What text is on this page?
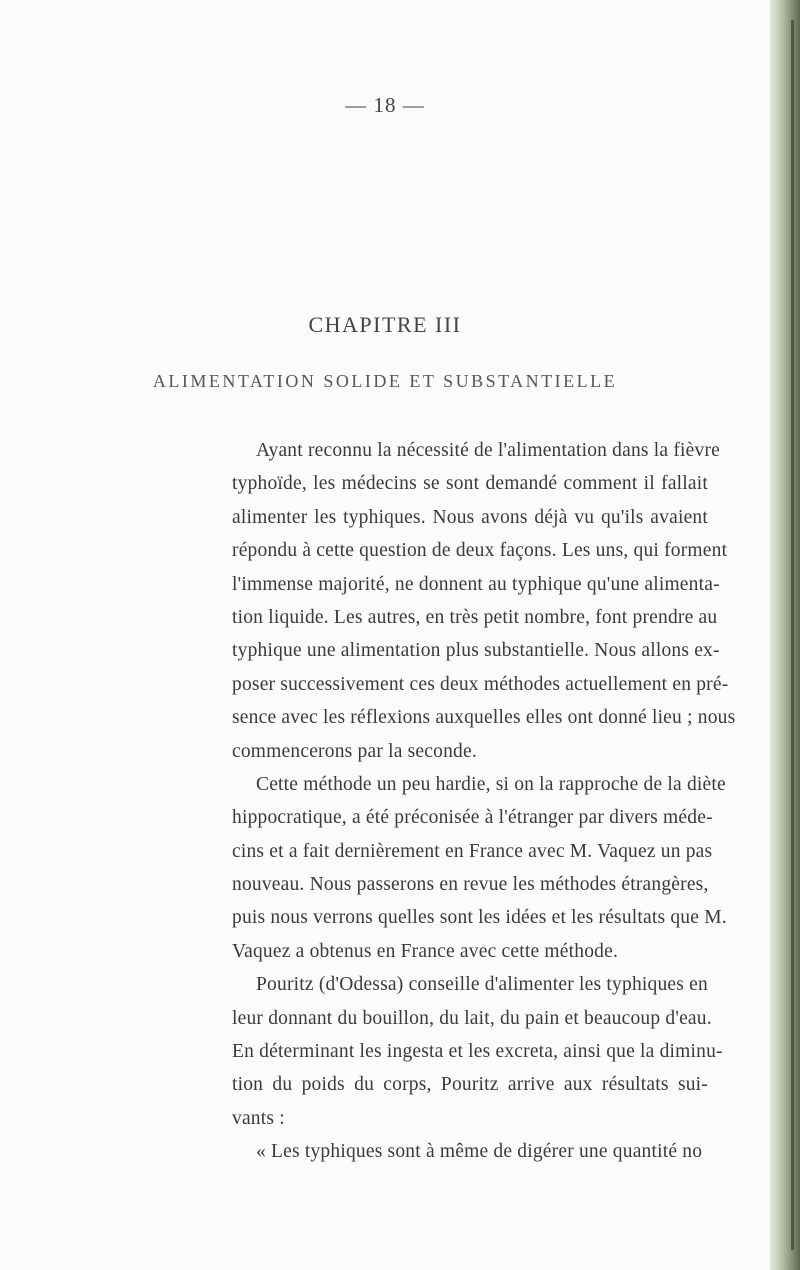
— 18 —
CHAPITRE III
ALIMENTATION SOLIDE ET SUBSTANTIELLE
Ayant reconnu la nécessité de l'alimentation dans la fièvre
typhoïde, les médecins se sont demandé comment il fallait
alimenter les typhiques. Nous avons déjà vu qu'ils avaient
répondu à cette question de deux façons. Les uns, qui forment
l'immense majorité, ne donnent au typhique qu'une alimenta-
tion liquide. Les autres, en très petit nombre, font prendre au
typhique une alimentation plus substantielle. Nous allons ex-
poser successivement ces deux méthodes actuellement en pré-
sence avec les réflexions auxquelles elles ont donné lieu ; nous
commencerons par la seconde.
Cette méthode un peu hardie, si on la rapproche de la diète
hippocratique, a été préconisée à l'étranger par divers méde-
cins et a fait dernièrement en France avec M. Vaquez un pas
nouveau. Nous passerons en revue les méthodes étrangères,
puis nous verrons quelles sont les idées et les résultats que M.
Vaquez a obtenus en France avec cette méthode.
Pouritz (d'Odessa) conseille d'alimenter les typhiques en
leur donnant du bouillon, du lait, du pain et beaucoup d'eau.
En déterminant les ingesta et les excreta, ainsi que la diminu-
tion du poids du corps, Pouritz arrive aux résultats sui-
vants :
« Les typhiques sont à même de digérer une quantité no
